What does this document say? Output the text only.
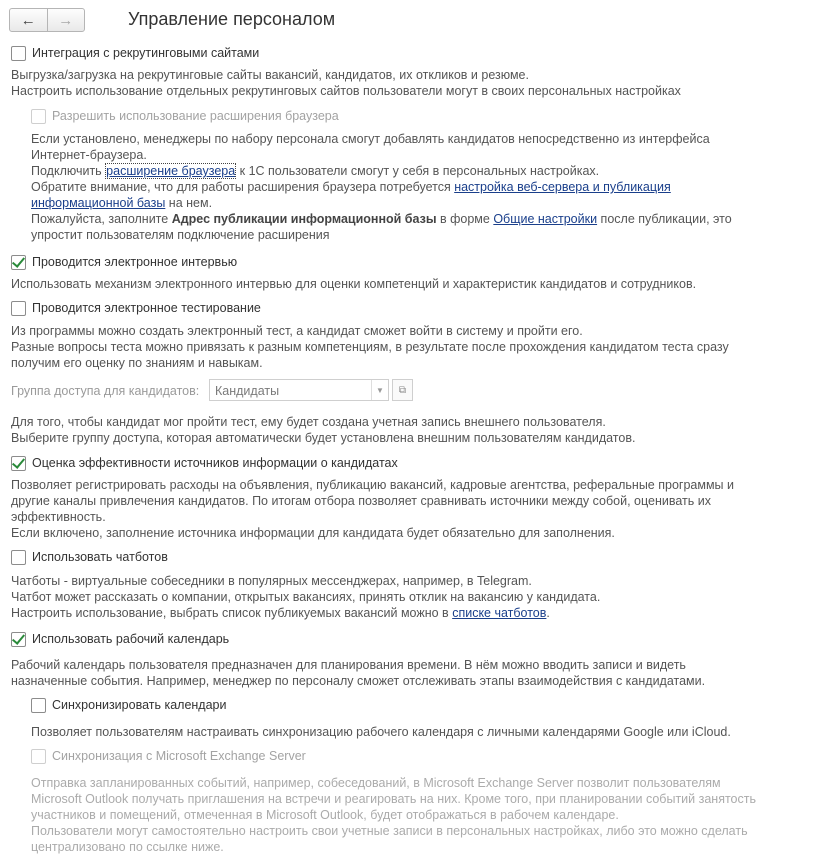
← →	Управление персоналом
Интеграция с рекрутинговыми сайтами

Выгрузка/загрузка на рекрутинговые сайты вакансий, кандидатов, их откликов и резюме.

Настроить использование отдельных рекрутинговых сайтов пользователи могут в своих персональных настройках

Разрешить использование расширения браузера

Если установлено, менеджеры по набору персонала смогут добавлять кандидатов непосредственно из интерфейса

Интернет-браузера.

Подключить расширение браузера к 1С пользователи смогут у себя в персональных настройках.

Обратите внимание, что для работы расширения браузера потребуется настройка веб-сервера и публикация

информационной базы на нем.

Пожалуйста, заполните Адрес публикации информационной базы в форме Общие настройки после публикации, это

упростит пользователям подключение расширения

Проводится электронное интервью

Использовать механизм электронного интервью для оценки компетенций и характеристик кандидатов и сотрудников.

Проводится электронное тестирование

Из программы можно создать электронный тест, а кандидат сможет войти в систему и пройти его.

Разные вопросы теста можно привязать к разным компетенциям, в результате после прохождения кандидатом теста сразу

получим его оценку по знаниям и навыкам.

Группа доступа для кандидатов: Кандидаты	▼	⧉

Для того, чтобы кандидат мог пройти тест, ему будет создана учетная запись внешнего пользователя.

Выберите группу доступа, которая автоматически будет установлена внешним пользователям кандидатов.

Оценка эффективности источников информации о кандидатах

Позволяет регистрировать расходы на объявления, публикацию вакансий, кадровые агентства, реферальные программы и

другие каналы привлечения кандидатов. По итогам отбора позволяет сравнивать источники между собой, оценивать их

эффективность.

Если включено, заполнение источника информации для кандидата будет обязательно для заполнения.

Использовать чатботов

Чатботы - виртуальные собеседники в популярных мессенджерах, например, в Telegram.

Чатбот может рассказать о компании, открытых вакансиях, принять отклик на вакансию у кандидата.

Настроить использование, выбрать список публикуемых вакансий можно в списке чатботов.

Использовать рабочий календарь

Рабочий календарь пользователя предназначен для планирования времени. В нём можно вводить записи и видеть

назначенные события. Например, менеджер по персоналу сможет отслеживать этапы взаимодействия с кандидатами.

Синхронизировать календари

Позволяет пользователям настраивать синхронизацию рабочего календаря с личными календарями Google или iCloud.

Синхронизация с Microsoft Exchange Server

Отправка запланированных событий, например, собеседований, в Microsoft Exchange Server позволит пользователям

Microsoft Outlook получать приглашения на встречи и реагировать на них. Кроме того, при планировании событий занятость

участников и помещений, отмеченная в Microsoft Outlook, будет отображаться в рабочем календаре.

Пользователи могут самостоятельно настроить свои учетные записи в персональных настройках, либо это можно сделать

централизовано по ссылке ниже.
